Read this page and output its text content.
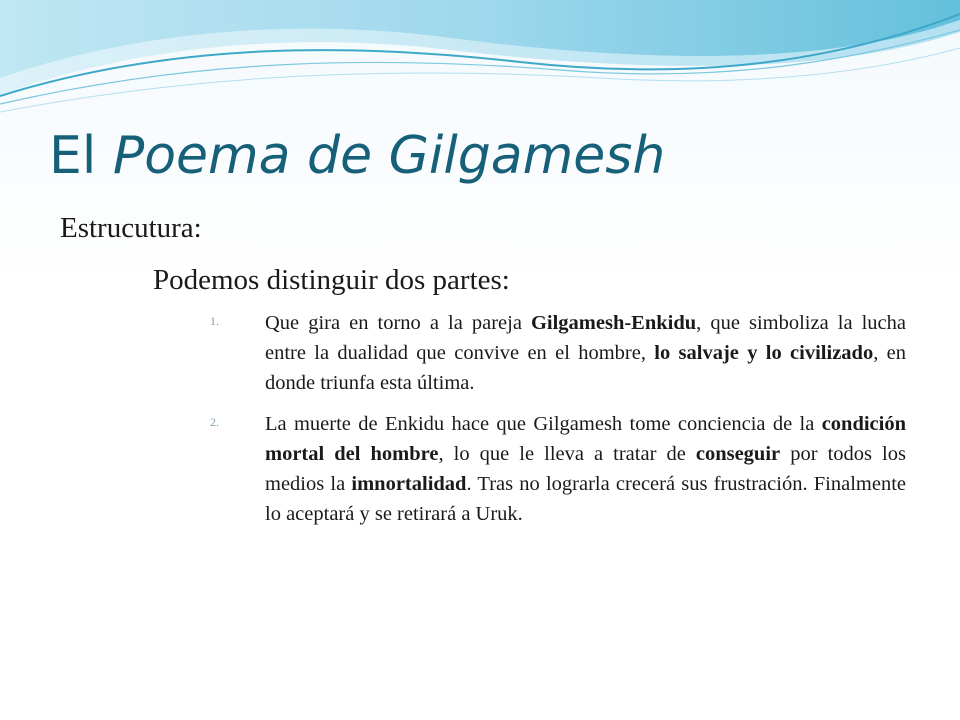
El Poema de Gilgamesh
Estrucutura:
Podemos distinguir dos partes:
1. Que gira en torno a la pareja Gilgamesh-Enkidu, que simboliza la lucha entre la dualidad que convive en el hombre, lo salvaje y lo civilizado, en donde triunfa esta última.
2. La muerte de Enkidu hace que Gilgamesh tome conciencia de la condición mortal del hombre, lo que le lleva a tratar de conseguir por todos los medios la imnortalidad. Tras no lograrla crecerá sus frustración. Finalmente lo aceptará y se retirará a Uruk.
